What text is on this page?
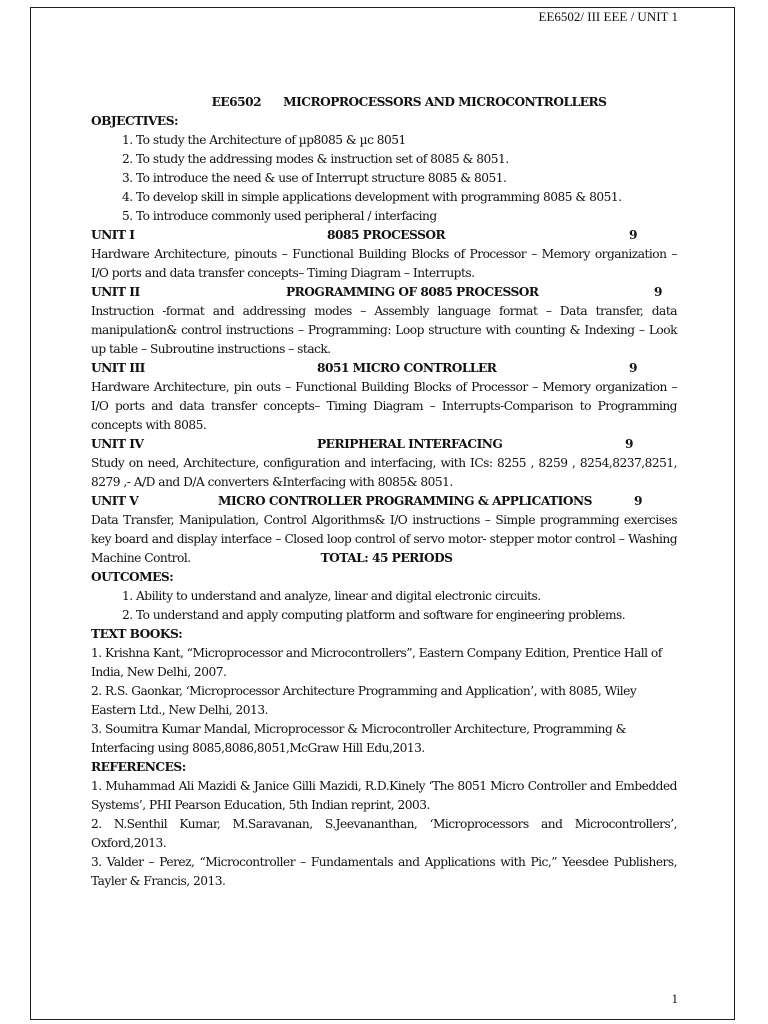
EE6502/ III EEE / UNIT 1

EE6502 MICROPROCESSORS AND MICROCONTROLLERS

OBJECTIVES:

1. To study the Architecture of µp8085 & µc 8051
2. To study the addressing modes & instruction set of 8085 & 8051.
3. To introduce the need & use of Interrupt structure 8085 & 8051.
4. To develop skill in simple applications development with programming 8085 & 8051.
5. To introduce commonly used peripheral / interfacing
UNIT I	8085 PROCESSOR	9

Hardware Architecture, pinouts – Functional Building Blocks of Processor – Memory organization – I/O ports and data transfer concepts– Timing Diagram – Interrupts.

UNIT II	PROGRAMMING OF 8085 PROCESSOR	9

Instruction -format and addressing modes – Assembly language format – Data transfer, data manipulation& control instructions – Programming: Loop structure with counting & Indexing – Look up table – Subroutine instructions – stack.

UNIT III	8051 MICRO CONTROLLER	9

Hardware Architecture, pin outs – Functional Building Blocks of Processor – Memory organization – I/O ports and data transfer concepts– Timing Diagram – Interrupts-Comparison to Programming concepts with 8085.

UNIT IV	PERIPHERAL INTERFACING	9

Study on need, Architecture, configuration and interfacing, with ICs: 8255 , 8259 , 8254,8237,8251, 8279 ,- A/D and D/A converters &Interfacing with 8085& 8051.

UNIT V	MICRO CONTROLLER PROGRAMMING & APPLICATIONS	9

Data Transfer, Manipulation, Control Algorithms& I/O instructions – Simple programming exercises key board and display interface – Closed loop control of servo motor- stepper motor control – Washing Machine Control.	TOTAL: 45 PERIODS

OUTCOMES:

1. Ability to understand and analyze, linear and digital electronic circuits.
2. To understand and apply computing platform and software for engineering problems.

TEXT BOOKS:

1. Krishna Kant, “Microprocessor and Microcontrollers”, Eastern Company Edition, Prentice Hall of India, New Delhi, 2007.

2. R.S. Gaonkar, ‘Microprocessor Architecture Programming and Application’, with 8085, Wiley Eastern Ltd., New Delhi, 2013.

3. Soumitra Kumar Mandal, Microprocessor & Microcontroller Architecture, Programming & Interfacing using 8085,8086,8051,McGraw Hill Edu,2013.

REFERENCES:

1. Muhammad Ali Mazidi & Janice Gilli Mazidi, R.D.Kinely ‘The 8051 Micro Controller and Embedded Systems’, PHI Pearson Education, 5th Indian reprint, 2003.

2. N.Senthil Kumar, M.Saravanan, S.Jeevananthan, ‘Microprocessors and Microcontrollers’, Oxford,2013.

3. Valder – Perez, “Microcontroller – Fundamentals and Applications with Pic,” Yeesdee Publishers, Tayler & Francis, 2013.

1
